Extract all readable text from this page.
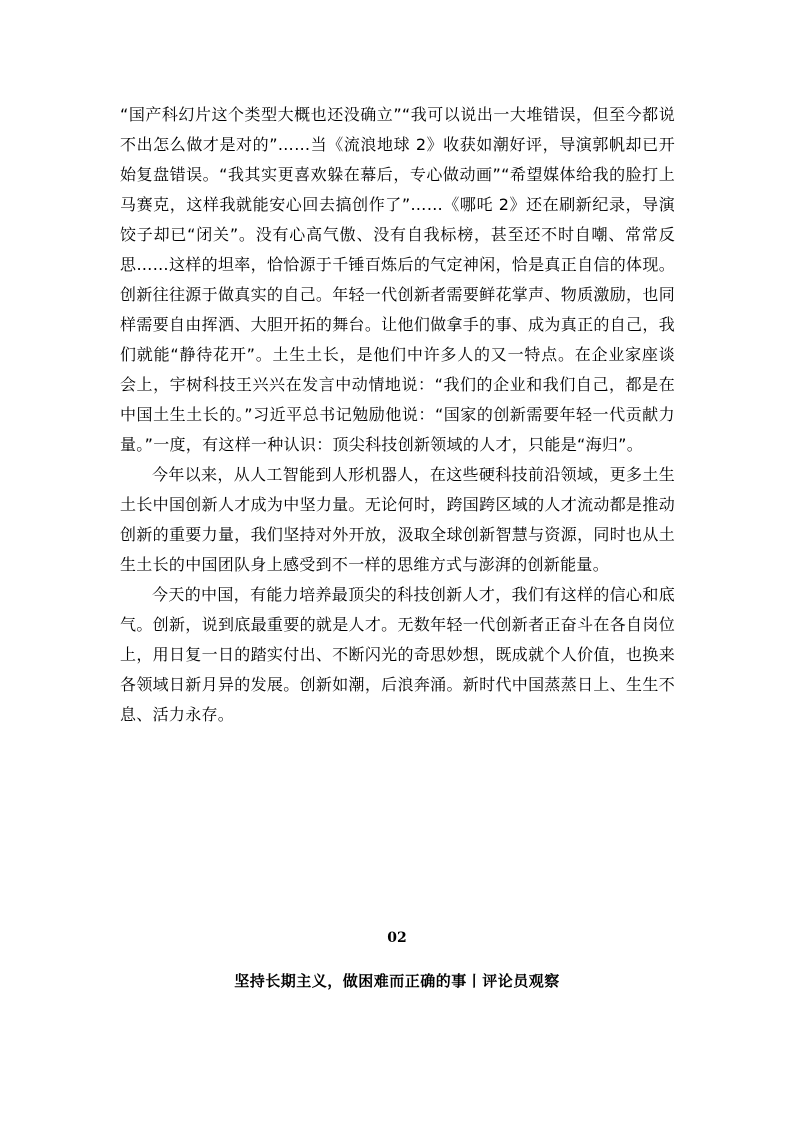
“国产科幻片这个类型大概也还没确立”“我可以说出一大堆错误，但至今都说不出怎么做才是对的”……当《流浪地球 2》收获如潮好评，导演郭帆却已开始复盘错误。“我其实更喜欢躲在幕后，专心做动画”“希望媒体给我的脸打上马赛克，这样我就能安心回去搞创作了”……《哪吒 2》还在刷新纪录，导演饺子却已“闭关”。没有心高气傲、没有自我标榜，甚至还不时自嘲、常常反思……这样的坦率，恰恰源于千锤百炼后的气定神闲，恰是真正自信的体现。创新往往源于做真实的自己。年轻一代创新者需要鲜花掌声、物质激励，也同样需要自由挥洒、大胆开拓的舞台。让他们做拿手的事、成为真正的自己，我们就能“静待花开”。土生土长，是他们中许多人的又一特点。在企业家座谈会上，宇树科技王兴兴在发言中动情地说：“我们的企业和我们自己，都是在中国土生土长的。”习近平总书记勉励他说：“国家的创新需要年轻一代贡献力量。”一度，有这样一种认识：顶尖科技创新领域的人才，只能是“海归”。

今年以来，从人工智能到人形机器人，在这些硬科技前沿领域，更多土生土长中国创新人才成为中坚力量。无论何时，跨国跨区域的人才流动都是推动创新的重要力量，我们坚持对外开放，汲取全球创新智慧与资源，同时也从土生土长的中国团队身上感受到不一样的思维方式与澎湃的创新能量。

今天的中国，有能力培养最顶尖的科技创新人才，我们有这样的信心和底气。创新，说到底最重要的就是人才。无数年轻一代创新者正奋斗在各自岗位上，用日复一日的踏实付出、不断闪光的奇思妙想，既成就个人价值，也换来各领域日新月异的发展。创新如潮，后浪奔涌。新时代中国蒸蒸日上、生生不息、活力永存。

02
坚持长期主义，做困难而正确的事丨评论员观察
